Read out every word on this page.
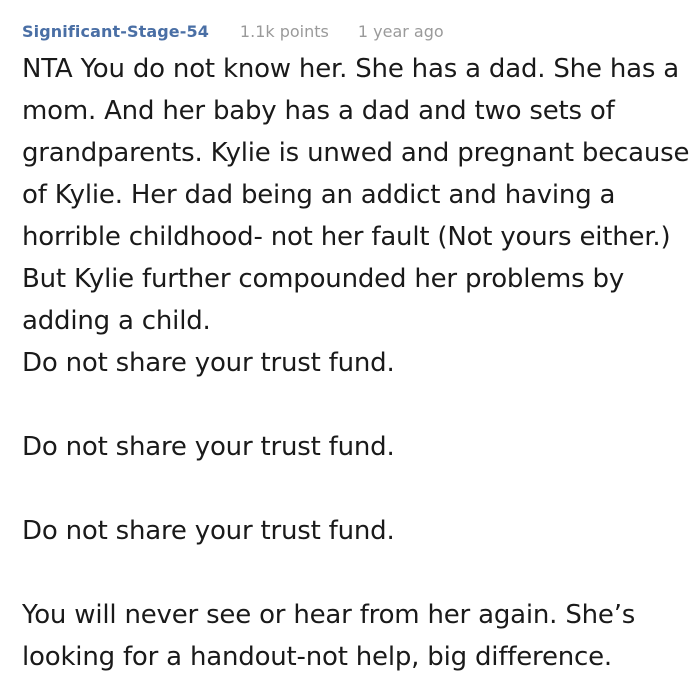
Significant-Stage-54 1.1k points 1 year ago

NTA You do not know her. She has a dad. She has a mom. And her baby has a dad and two sets of grandparents. Kylie is unwed and pregnant because of Kylie. Her dad being an addict and having a horrible childhood- not her fault (Not yours either.) But Kylie further compounded her problems by adding a child.

Do not share your trust fund.

Do not share your trust fund.

Do not share your trust fund.

You will never see or hear from her again. She’s looking for a handout-not help, big difference.
